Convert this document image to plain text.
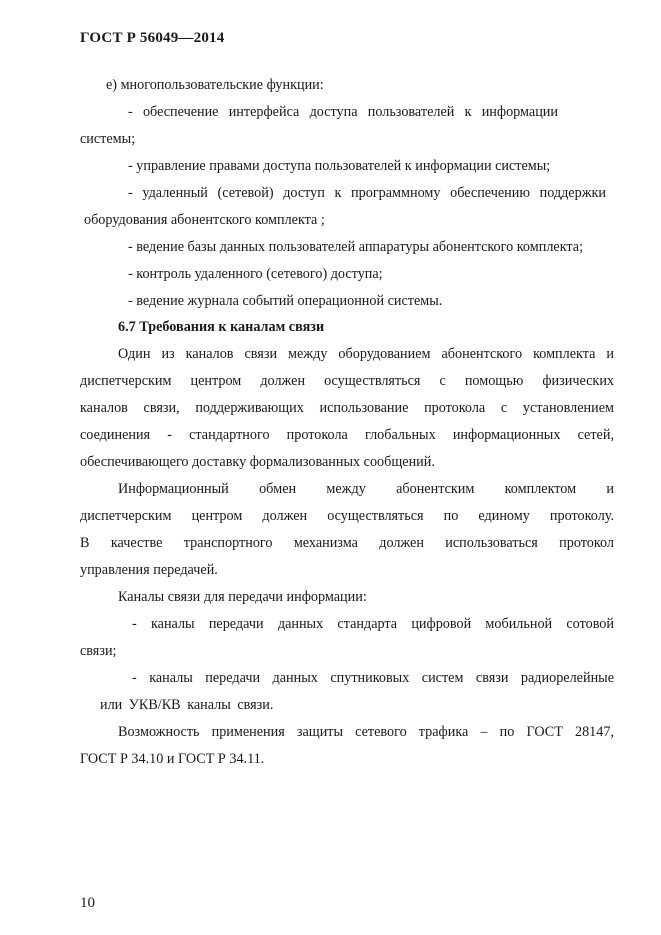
ГОСТ Р 56049—2014
е) многопользовательские функции:
- обеспечение интерфейса доступа пользователей к информации
системы;
- управление правами доступа пользователей к информации системы;
- удаленный (сетевой) доступ к программному обеспечению поддержки
оборудования абонентского комплекта ;
- ведение базы данных пользователей аппаратуры абонентского комплекта;
- контроль удаленного (сетевого) доступа;
- ведение журнала событий операционной системы.
6.7 Требования к каналам связи
Один из каналов связи между оборудованием абонентского комплекта и
диспетчерским центром должен осуществляться с помощью физических
каналов связи, поддерживающих использование протокола с установлением
соединения - стандартного протокола глобальных информационных сетей,
обеспечивающего доставку формализованных сообщений.
Информационный обмен между абонентским комплектом и
диспетчерским центром должен осуществляться по единому протоколу.
В качестве транспортного механизма должен использоваться протокол
управления передачей.
Каналы связи для передачи информации:
- каналы передачи данных стандарта цифровой мобильной сотовой
связи;
- каналы передачи данных спутниковых систем связи радиорелейные
или УКВ/КВ каналы связи.
Возможность применения защиты сетевого трафика – по ГОСТ 28147,
ГОСТ Р 34.10 и ГОСТ Р 34.11.
10
